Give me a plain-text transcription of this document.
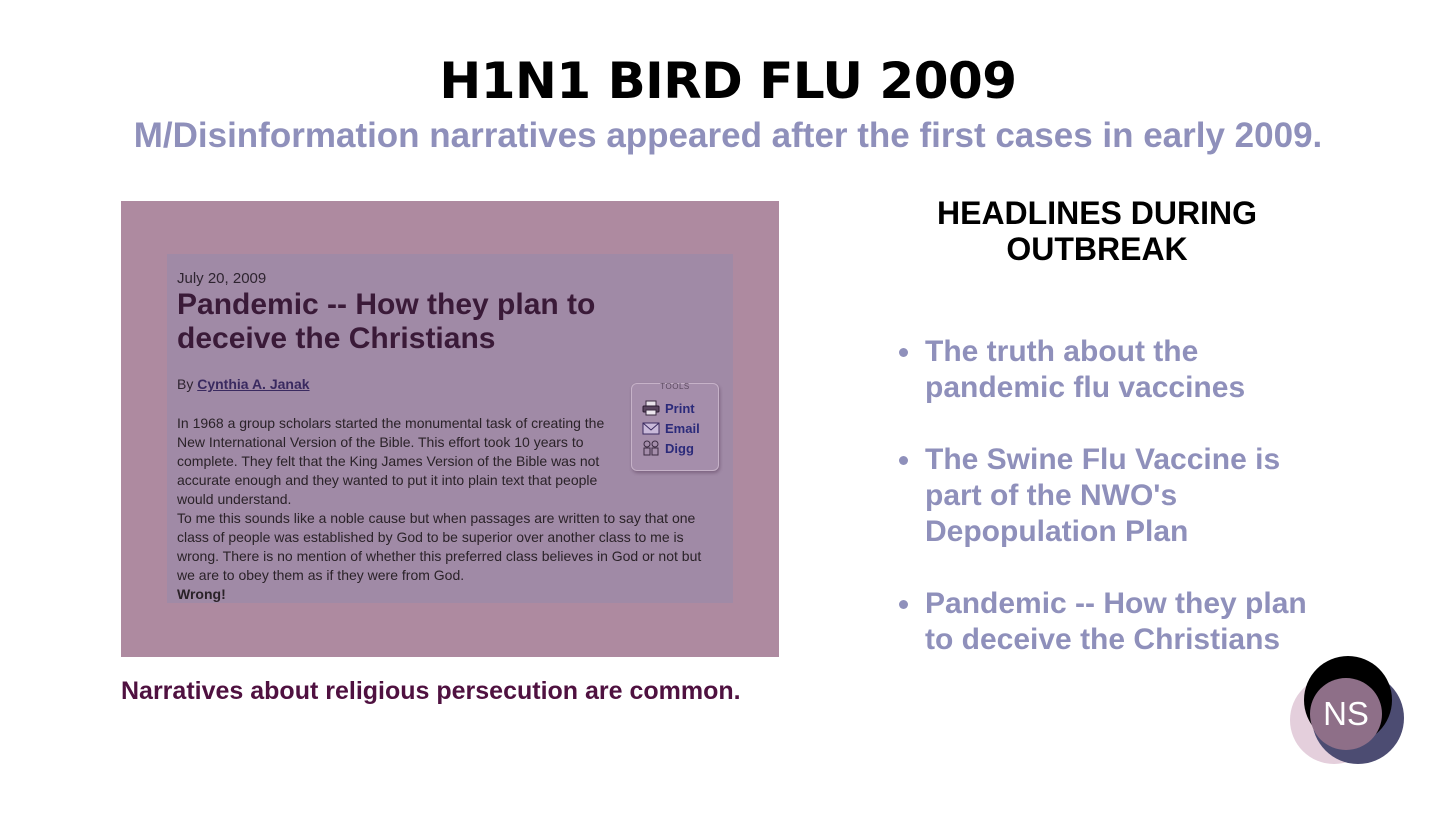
H1N1 BIRD FLU 2009
M/Disinformation narratives appeared after the first cases in early 2009.
July 20, 2009
Pandemic -- How they plan to deceive the Christians
By Cynthia A. Janak	TOOLS
Print
Email
Digg

In 1968 a group scholars started the monumental task of creating the New International Version of the Bible. This effort took 10 years to complete. They felt that the King James Version of the Bible was not accurate enough and they wanted to put it into plain text that people would understand.

To me this sounds like a noble cause but when passages are written to say that one class of people was established by God to be superior over another class to me is wrong. There is no mention of whether this preferred class believes in God or not but we are to obey them as if they were from God.

Wrong!

Narratives about religious persecution are common.
HEADLINES DURING OUTBREAK
The truth about the pandemic flu vaccines
The Swine Flu Vaccine is part of the NWO's Depopulation Plan
Pandemic -- How they plan to deceive the Christians
NS
